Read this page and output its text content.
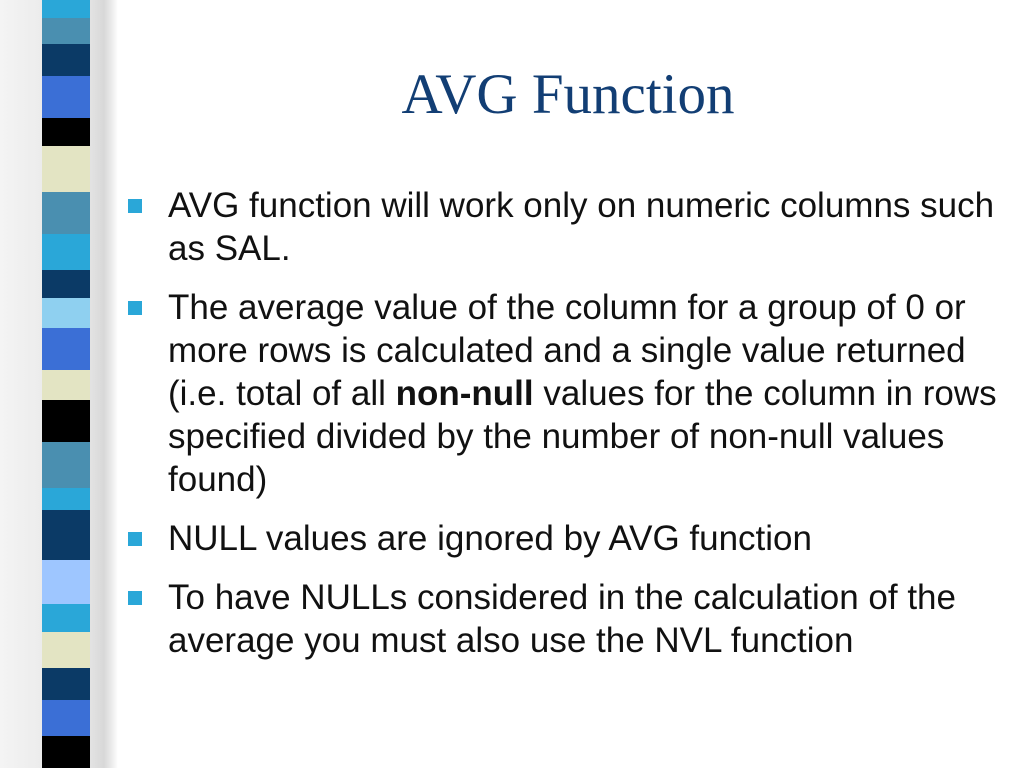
AVG Function
AVG function will work only on numeric columns such as SAL.
The average value of the column for a group of 0 or more rows is calculated and a single value returned (i.e. total of all non-null values for the column in rows specified divided by the number of non-null values found)
NULL values are ignored by AVG function
To have NULLs considered in the calculation of the average you must also use the NVL function
